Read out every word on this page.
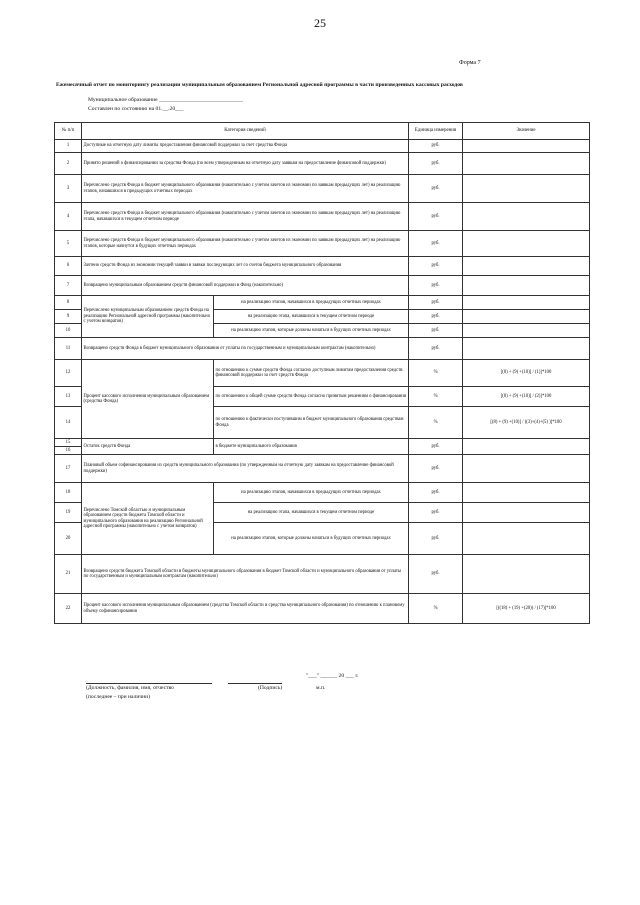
25
Форма 7
Ежемесячный отчет по мониторингу реализации муниципальным образованием Региональной адресной программы в части произведенных кассовых расходов
Муниципальное образование ______________________________
Составлен по состоянию на 01.__.20___
№ п/п	Категория сведений		Единица измерения	Значение
1	Доступные на отчетную дату лимиты предоставления финансовой поддержки за счет средства Фонда		руб.	
2	Принято решений о финансировании за средства Фонда (по всем утвержденным на отчетную дату заявкам на предоставление финансовой поддержки)		руб.	
3	Перечислено средств Фонда в бюджет муниципального образования (накопительно с учетом зачетов из экономии по заявкам предыдущих лет) на реализацию этапов, начавшихся в предыдущих отчетных периодах		руб.	
4	Перечислено средств Фонда в бюджет муниципального образования (накопительно с учетом зачетов из экономии по заявкам предыдущих лет) на реализацию этапа, начавшихся в текущем отчетном периоде		руб.	
5	Перечислено средств Фонда в бюджет муниципального образования (накопительно с учетом зачетов из экономии по заявкам предыдущих лет) на реализацию этапов, которые начнутся в будущих отчетных периодах		руб.	
6	Зачтено средств Фонда из экономии текущей заявки в заявки последующих лет со счетов бюджета муниципального образования		руб.	
7	Возвращено муниципальным образованием средств финансовой поддержки в Фонд (накопительно)		руб.	
8	Перечислено муниципальным образованием средств Фонда на реализацию Региональной адресной программы (накопительно с учетом возвратов)	на реализацию этапов, начавшихся в предыдущих отчетных периодах	руб.	
9		на реализацию этапа, начавшихся в текущем отчетном периоде	руб.	
10		на реализацию этапов, которые должны начаться в будущих отчетных периодах	руб.	
11	Возвращено средств Фонда в бюджет муниципального образования от уплаты по государственным и муниципальным контрактам (накопительно)		руб.	
12	Процент кассового исполнения муниципальным образованием (средства Фонда)	по отношению к сумме средств Фонда согласно доступным лимитам предоставления средств финансовой поддержки за счет средств Фонда	%	[(8) + (9) +(10)] / (1)]*100
13		по отношению к общей сумме средств Фонда согласно принятым решениям о финансировании	%	[(8) + (9) +(10)] / (2)]*100
14		по отношению к фактически поступившим в бюджет муниципального образования средствам Фонда	%	[(8) + (9) +(10)] / ((3)+(4)+(5) )]*100
15	Остаток средств Фонда	в бюджете муниципального образования	руб.	
16				
17	Плановый объем софинансирования из средств муниципального образования (по утвержденным на отчетную дату заявкам на предоставление финансовой поддержки)		руб.	
18	Перечислено Томской областью и муниципальным образованием средств бюджета Томской области и муниципального образования на реализацию Региональной адресной программы (накопительно с учетом возвратов)	на реализацию этапов, начавшихся в предыдущих отчетных периодах	руб.	
19		на реализацию этапа, начавшихся в текущем отчетном периоде	руб.	
20		на реализацию этапов, которые должны начаться в будущих отчетных периодах	руб.	
21	Возвращено средств бюджета Томской области в бюджеты муниципального образования в бюджет Томской области и муниципального образования от уплаты по государственным и муниципальным контрактам (накопительно)		руб.	
22	Процент кассового исполнения муниципальным образованием (средства Томской области и средства муниципального образования) по отношению к плановому объему софинансирования		%	[((18) + (19) +(20)) / (17)]*100
"___" ______ 20 ___ г.
(Должность, фамилия, имя, отчество	(Подпись)	м.п.
(последнее – при наличии)
